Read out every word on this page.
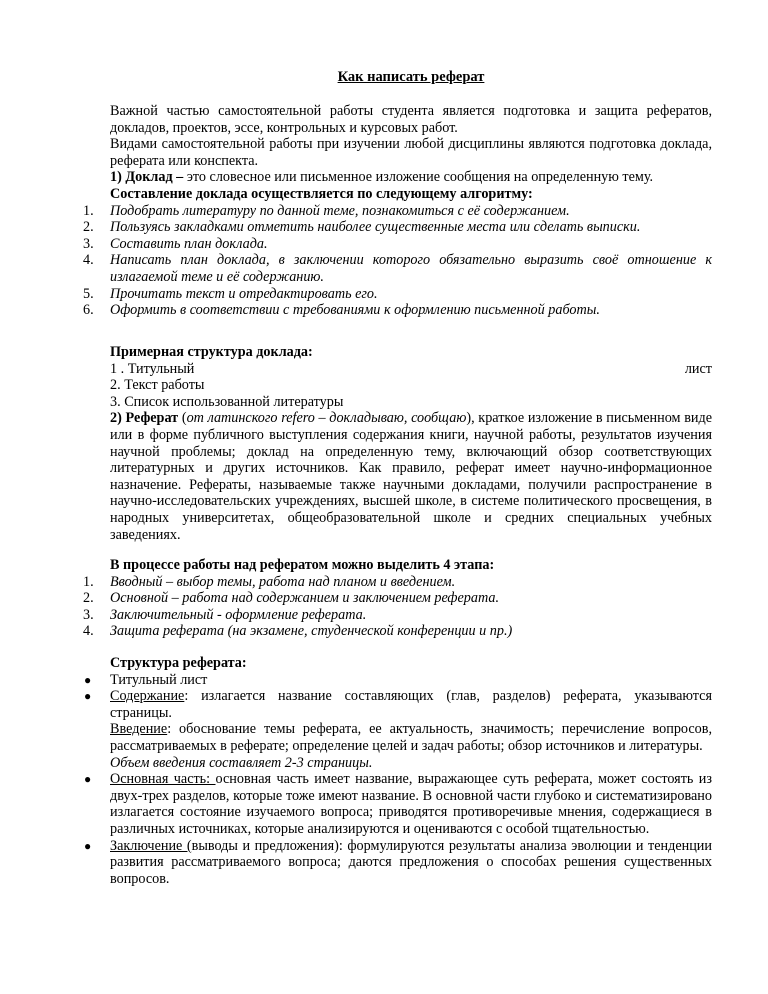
Как написать реферат

Важной частью самостоятельной работы студента является подготовка и защита рефератов, докладов, проектов, эссе, контрольных и курсовых работ.

Видами самостоятельной работы при изучении любой дисциплины являются подготовка доклада, реферата или конспекта.

1) Доклад – это словесное или письменное изложение сообщения на определенную тему.

Составление доклада осуществляется по следующему алгоритму:

1.	Подобрать литературу по данной теме, познакомиться с её содержанием.
2.	Пользуясь закладками отметить наиболее существенные места или сделать выписки.
3.	Составить план доклада.
4.	Написать план доклада, в заключении которого обязательно выразить своё отношение к излагаемой теме и её содержанию.
5.	Прочитать текст и отредактировать его.
6.	Оформить в соответствии с требованиями к оформлению письменной работы.

Примерная структура доклада:

1 . Титульный	лист

2. Текст работы

3. Список использованной литературы

2) Реферат (от латинского refero – докладываю, сообщаю), краткое изложение в письменном виде или в форме публичного выступления содержания книги, научной работы, результатов изучения научной проблемы; доклад на определенную тему, включающий обзор соответствующих литературных и других источников. Как правило, реферат имеет научно-информационное назначение. Рефераты, называемые также научными докладами, получили распространение в научно-исследовательских учреждениях, высшей школе, в системе политического просвещения, в народных университетах, общеобразовательной школе и средних специальных учебных заведениях.

В процессе работы над рефератом можно выделить 4 этапа:

1.	Вводный – выбор темы, работа над планом и введением.
2.	Основной – работа над содержанием и заключением реферата.
3.	Заключительный - оформление реферата.
4.	Защита реферата (на экзамене, студенческой конференции и пр.)

Структура реферата:

● Титульный лист
● Содержание: излагается название составляющих (глав, разделов) реферата, указываются страницы.

Введение: обоснование темы реферата, ее актуальность, значимость; перечисление вопросов, рассматриваемых в реферате; определение целей и задач работы; обзор источников и литературы.

Объем введения составляет 2-3 страницы.

● Основная часть: основная часть имеет название, выражающее суть реферата, может состоять из двух-трех разделов, которые тоже имеют название. В основной части глубоко и систематизировано излагается состояние изучаемого вопроса; приводятся противоречивые мнения, содержащиеся в различных источниках, которые анализируются и оцениваются с особой тщательностью.
● Заключение (выводы и предложения): формулируются результаты анализа эволюции и тенденции развития рассматриваемого вопроса; даются предложения о способах решения существенных вопросов.
